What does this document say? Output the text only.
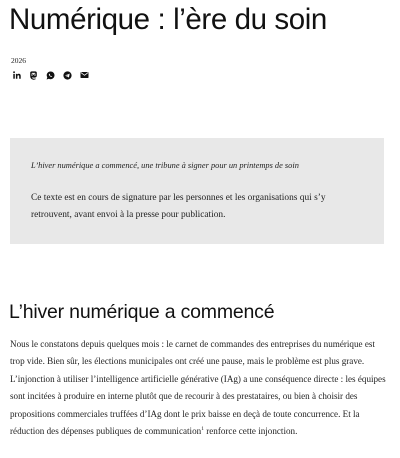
Numérique : l’ère du soin
2026
L’hiver numérique a commencé, une tribune à signer pour un printemps de soin

Ce texte est en cours de signature par les personnes et les organisations qui s’y retrouvent, avant envoi à la presse pour publication.

L’hiver numérique a commencé

Nous le constatons depuis quelques mois : le carnet de commandes des entreprises du numérique est trop vide. Bien sûr, les élections municipales ont créé une pause, mais le problème est plus grave. L’injonction à utiliser l’intelligence artificielle générative (IAg) a une conséquence directe : les équipes sont incitées à produire en interne plutôt que de recourir à des prestataires, ou bien à choisir des propositions commerciales truffées d’IAg dont le prix baisse en deçà de toute concurrence. Et la réduction des dépenses publiques de communication$^1$ renforce cette injonction.
